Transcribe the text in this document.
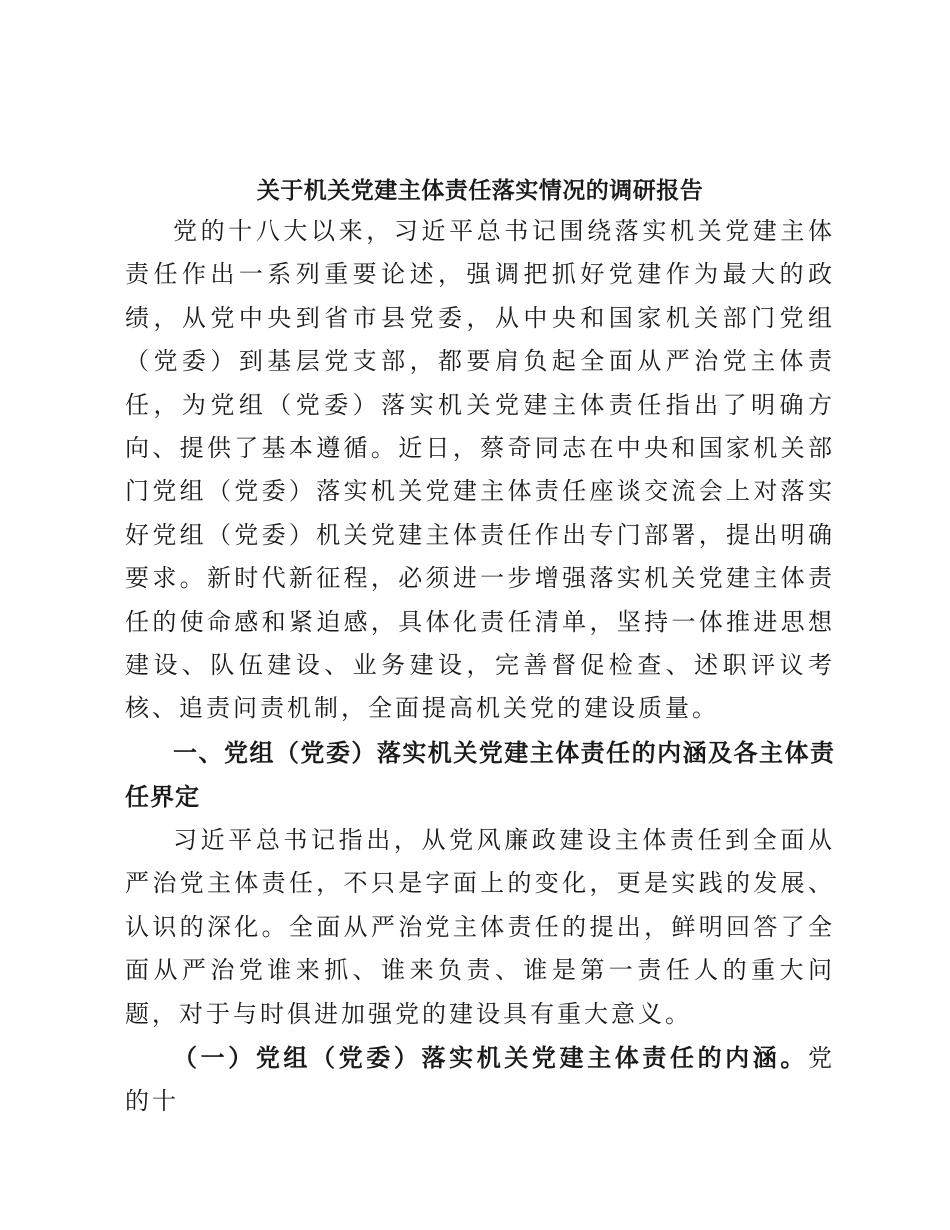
关于机关党建主体责任落实情况的调研报告

党的十八大以来，习近平总书记围绕落实机关党建主体责任作出一系列重要论述，强调把抓好党建作为最大的政绩，从党中央到省市县党委，从中央和国家机关部门党组（党委）到基层党支部，都要肩负起全面从严治党主体责任，为党组（党委）落实机关党建主体责任指出了明确方向、提供了基本遵循。近日，蔡奇同志在中央和国家机关部门党组（党委）落实机关党建主体责任座谈交流会上对落实好党组（党委）机关党建主体责任作出专门部署，提出明确要求。新时代新征程，必须进一步增强落实机关党建主体责任的使命感和紧迫感，具体化责任清单，坚持一体推进思想建设、队伍建设、业务建设，完善督促检查、述职评议考核、追责问责机制，全面提高机关党的建设质量。

一、党组（党委）落实机关党建主体责任的内涵及各主体责任界定

习近平总书记指出，从党风廉政建设主体责任到全面从严治党主体责任，不只是字面上的变化，更是实践的发展、认识的深化。全面从严治党主体责任的提出，鲜明回答了全面从严治党谁来抓、谁来负责、谁是第一责任人的重大问题，对于与时俱进加强党的建设具有重大意义。

（一）党组（党委）落实机关党建主体责任的内涵。党的十
